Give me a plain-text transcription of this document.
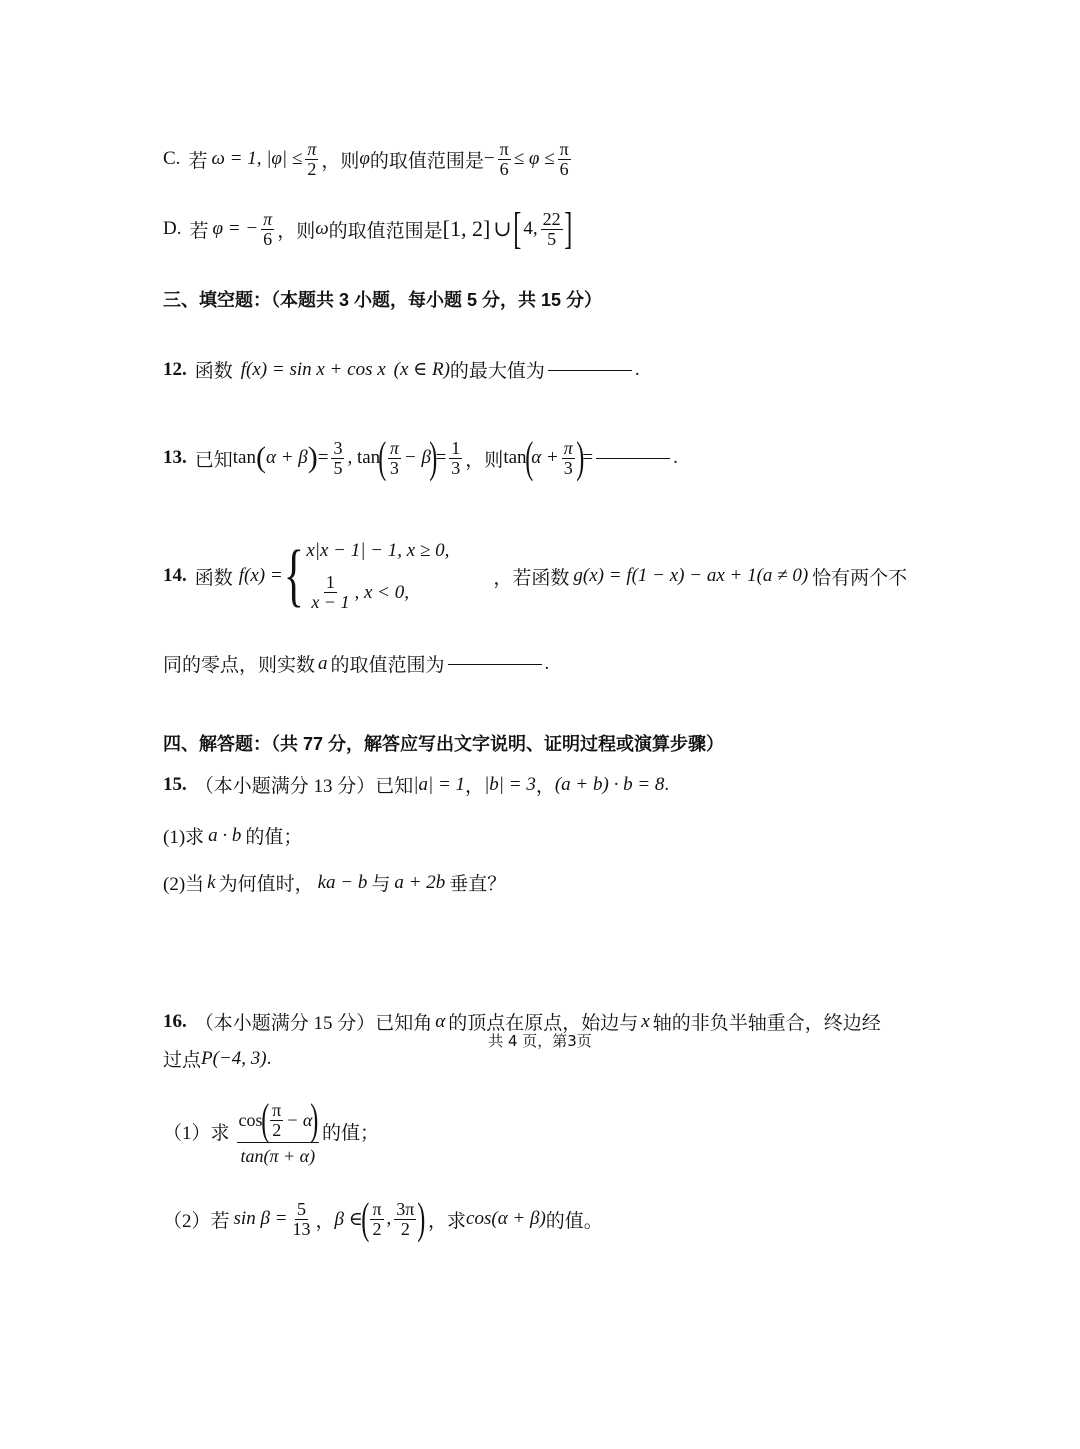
C. 若 ω = 1, $|\varphi| \le \frac{\pi}{2}$ ，则 φ 的取值范围是 − $\frac{\pi}{6} \le \varphi \le \frac{\pi}{6}$
D. 若 φ = − $\frac{\pi}{6}$ ，则 ω 的取值范围是 [1, 2] ∪ [ 4, $\frac{22}{5}$ ]
三、填空题：（本题共 3 小题，每小题 5 分，共 15 分）
12. 函数 f(x) = sin x + cos x (x ∈ R) 的最大值为	.
13. 已知 tan ( α + β ) = $\frac{3}{5}$ , tan
( $\frac{\pi}{3} - \beta$
)
= $\frac{1}{3}$ ，则 tan
(
$\alpha + \frac{\pi}{3}$ )
=	.
14. 函数 f(x) = { x|x − 1| − 1, x ≥ 0,
$\frac{1}{x - 1}$ , x < 0,
，若函数 g(x) = f(1 − x) − ax + 1(a ≠ 0) 恰有两个不
同的零点，则实数 a 的取值范围为	.
四、解答题：（共 77 分，解答应写出文字说明、证明过程或演算步骤）
15. （本小题满分 13 分）已知 |a| = 1 ， |b| = 3 ， (a + b) · b = 8 .
(1)求 a · b 的值；
(2)当 k 为何值时， ka − b 与 a + 2b 垂直？
16. （本小题满分 15 分）已知角 α 的顶点在原点，始边与 x 轴的非负半轴重合，终边经
过点 P(−4, 3) .
（1）求 cos
( $\frac{\pi}{2} - \alpha$
)
tan(π + α) 的值；
（2）若 $\sin \beta = \frac{5}{13}$ ， β ∈
( $\frac{\pi}{2}$ , $\frac{3\pi}{2}$ ) ，求 cos(α + β) 的值。
共 4 页，第3页
